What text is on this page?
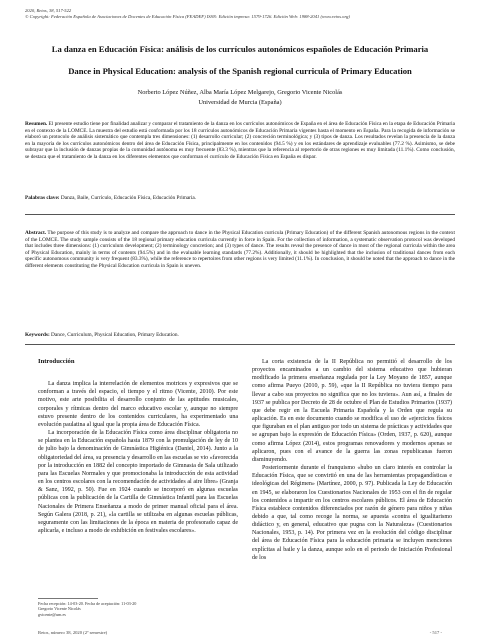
2020, Retos, 38, 517-522
© Copyright: Federación Española de Asociaciones de Docentes de Educación Física (FEADEF) ISSN: Edición impresa: 1579-1726. Edición Web: 1988-2041 (www.retos.org)
La danza en Educación Física: análisis de los currículos autonómicos españoles de Educación Primaria
Dance in Physical Education: analysis of the Spanish regional curricula of Primary Education
Norberto López Núñez, Alba María López Melgarejo, Gregorio Vicente Nicolás
Universidad de Murcia (España)
Resumen. El presente estudio tiene por finalidad analizar y comparar el tratamiento de la danza en los currículos autonómicos de España en el área de Educación Física en la etapa de Educación Primaria en el contexto de la LOMCE. La muestra del estudio está conformada por los 18 currículos autonómicos de Educación Primaria vigentes hasta el momento en España. Para la recogida de información se elaboró un protocolo de análisis sistemático que contempla tres dimensiones: (1) desarrollo curricular; (2) concreción terminológica; y (3) tipos de danza. Los resultados revelan la presencia de la danza en la mayoría de los currículos autonómicos dentro del área de Educación Física, principalmente en los contenidos (94.5 %) y en los estándares de aprendizaje evaluables (77.2 %). Asimismo, se debe subrayar que la inclusión de danzas propias de la comunidad autónoma es muy frecuente (83.3 %), mientras que la referencia al repertorio de otras regiones es muy limitada (11.1%). Como conclusión, se destaca que el tratamiento de la danza en los diferentes elementos que conforman el currículo de Educación Física en España es dispar.
Palabras clave: Danza, Baile, Currículo, Educación Física, Educación Primaria.
Abstract. The purpose of this study is to analyze and compare the approach to dance in the Physical Education curricula (Primary Education) of the different Spanish autonomous regions in the context of the LOMCE. The study sample consists of the 18 regional primary education curricula currently in force in Spain. For the collection of information, a systematic observation protocol was developed that includes three dimensions: (1) curriculum development; (2) terminology concretion; and (3) types of dance. The results reveal the presence of dance in most of the regional curricula within the area of Physical Education, mainly in terms of contents (94.5%) and in the evaluable learning standards (77.2%). Additionally, it should be highlighted that the inclusion of traditional dances from each specific autonomous community is very frequent (83.3%), while the reference to repertoires from other regions is very limited (11.1%). In conclusion, it should be noted that the approach to dance in the different elements constituting the Physical Education curricula in Spain is uneven.
Keywords: Dance, Curriculum, Physical Education, Primary Education.

Introducción

La danza implica la interrelación de elementos motrices y expresivos que se conforman a través del espacio, el tiempo y el ritmo (Vicente, 2010). Por este motivo, este arte posibilita el desarrollo conjunto de las aptitudes musicales, corporales y rítmicas dentro del marco educativo escolar y, aunque no siempre estuvo presente dentro de los contenidos curriculares, ha experimentado una evolución paulatina al igual que la propia área de Educación Física.

La incorporación de la Educación Física como área disciplinar obligatoria no se plantea en la Educación española hasta 1879 con la promulgación de ley de 10 de julio bajo la denominación de Gimnástica Higiénica (Daniel, 2014). Junto a la obligatoriedad del área, su presencia y desarrollo en las escuelas se vio «favorecida por la introducción en 1882 del concepto importado de Gimnasia de Sala utilizado para las Escuelas Normales y que promocionaba la introducción de esta actividad en los centros escolares con la recomendación de actividades al aire libre» (Granja & Sanz, 1992, p. 50). Fue en 1924 cuando se incorporó en algunas escuelas públicas con la publicación de la Cartilla de Gimnástica Infantil para las Escuelas Nacionales de Primera Enseñanza a modo de primer manual oficial para el área. Según Galera (2018, p. 21), «la cartilla se utilizaba en algunas escuelas públicas, seguramente con las limitaciones de la época en materia de profesorado capaz de aplicarla, e incluso a modo de exhibición en festivales escolares».

La corta existencia de la II República no permitió el desarrollo de los proyectos encaminados a un cambio del sistema educativo que hubieran modificado la primera enseñanza regulada por la Ley Moyano de 1857, aunque como afirma Pueyo (2010, p. 59), «que la II República no tuviera tiempo para llevar a cabo sus proyectos no significa que no los tuviera». Aun así, a finales de 1937 se publica por Decreto de 28 de octubre el Plan de Estudios Primarios (1937) que debe regir en la Escuela Primaria Española y la Orden que regula su aplicación. Es en este documento cuando se modifica el uso de «ejercicios físicos que figuraban en el plan antiguo por todo un sistema de prácticas y actividades que se agrupan bajo la expresión de Educación Física» (Orden, 1937, p. 620), aunque como afirma López (2014), estos programas renovadores y modernos apenas se aplicaron, pues con el avance de la guerra las zonas republicanas fueron disminuyendo.

Posteriormente durante el franquismo «hubo un claro interés en controlar la Educación Física, que se convirtió en una de las herramientas propagandísticas e ideológicas del Régimen» (Martínez, 2000, p. 97). Publicada la Ley de Educación en 1945, se elaboraron los Cuestionarios Nacionales de 1953 con el fin de regular los contenidos a impartir en los centros escolares públicos. El área de Educación Física establece contenidos diferenciados por razón de género para niños y niñas debido a que, tal como recoge la norma, se apuesta «contra el igualitarismo didáctico y, en general, educativo que pugna con la Naturaleza» (Cuestionarios Nacionales, 1953, p. 14). Por primera vez en la evolución del código disciplinar del área de Educación Física para la educación primaria se incluyen menciones explícitas al baile y la danza, aunque solo en el periodo de Iniciación Profesional de los

Fecha recepción: 14-03-20. Fecha de aceptación: 11-03-20
Gregorio Vicente Nicolás
gvicente@um.es
Retos, número 38, 2020 (2º semestre)	- 517 -
